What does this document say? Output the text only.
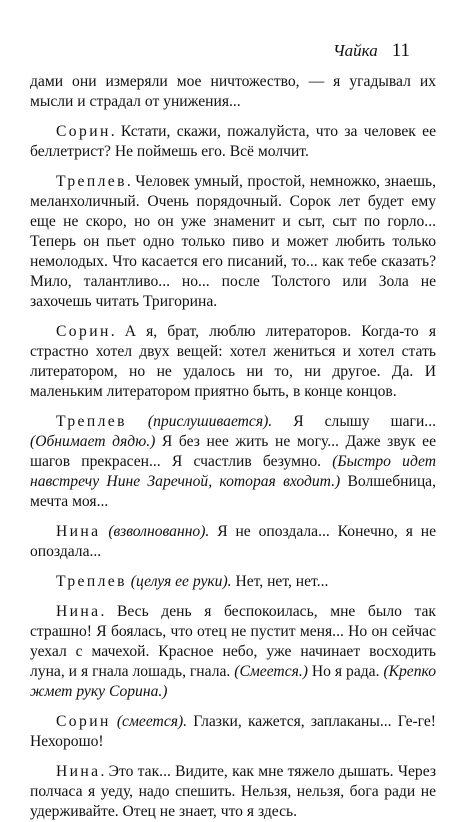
Чайка 11

дами они измеряли мое ничтожество, — я угадывал их мысли и страдал от унижения...

Сорин. Кстати, скажи, пожалуйста, что за человек ее беллетрист? Не поймешь его. Всё молчит.

Треплев. Человек умный, простой, немножко, знаешь, меланхоличный. Очень порядочный. Сорок лет будет ему еще не скоро, но он уже знаменит и сыт, сыт по горло... Теперь он пьет одно только пиво и может любить только немолодых. Что касается его писаний, то... как тебе сказать? Мило, талантливо... но... после Толстого или Зола не захочешь читать Тригорина.

Сорин. А я, брат, люблю литераторов. Когда-то я страстно хотел двух вещей: хотел жениться и хотел стать литератором, но не удалось ни то, ни другое. Да. И маленьким литератором приятно быть, в конце концов.

Треплев (прислушивается). Я слышу шаги... (Обнимает дядю.) Я без нее жить не могу... Даже звук ее шагов прекрасен... Я счастлив безумно. (Быстро идет навстречу Нине Заречной, которая входит.) Волшебница, мечта моя...

Нина (взволнованно). Я не опоздала... Конечно, я не опоздала...

Треплев (целуя ее руки). Нет, нет, нет...

Нина. Весь день я беспокоилась, мне было так страшно! Я боялась, что отец не пустит меня... Но он сейчас уехал с мачехой. Красное небо, уже начинает восходить луна, и я гнала лошадь, гнала. (Смеется.) Но я рада. (Крепко жмет руку Сорина.)

Сорин (смеется). Глазки, кажется, заплаканы... Ге-ге! Нехорошо!

Нина. Это так... Видите, как мне тяжело дышать. Через полчаса я уеду, надо спешить. Нельзя, нельзя, бога ради не удерживайте. Отец не знает, что я здесь.
